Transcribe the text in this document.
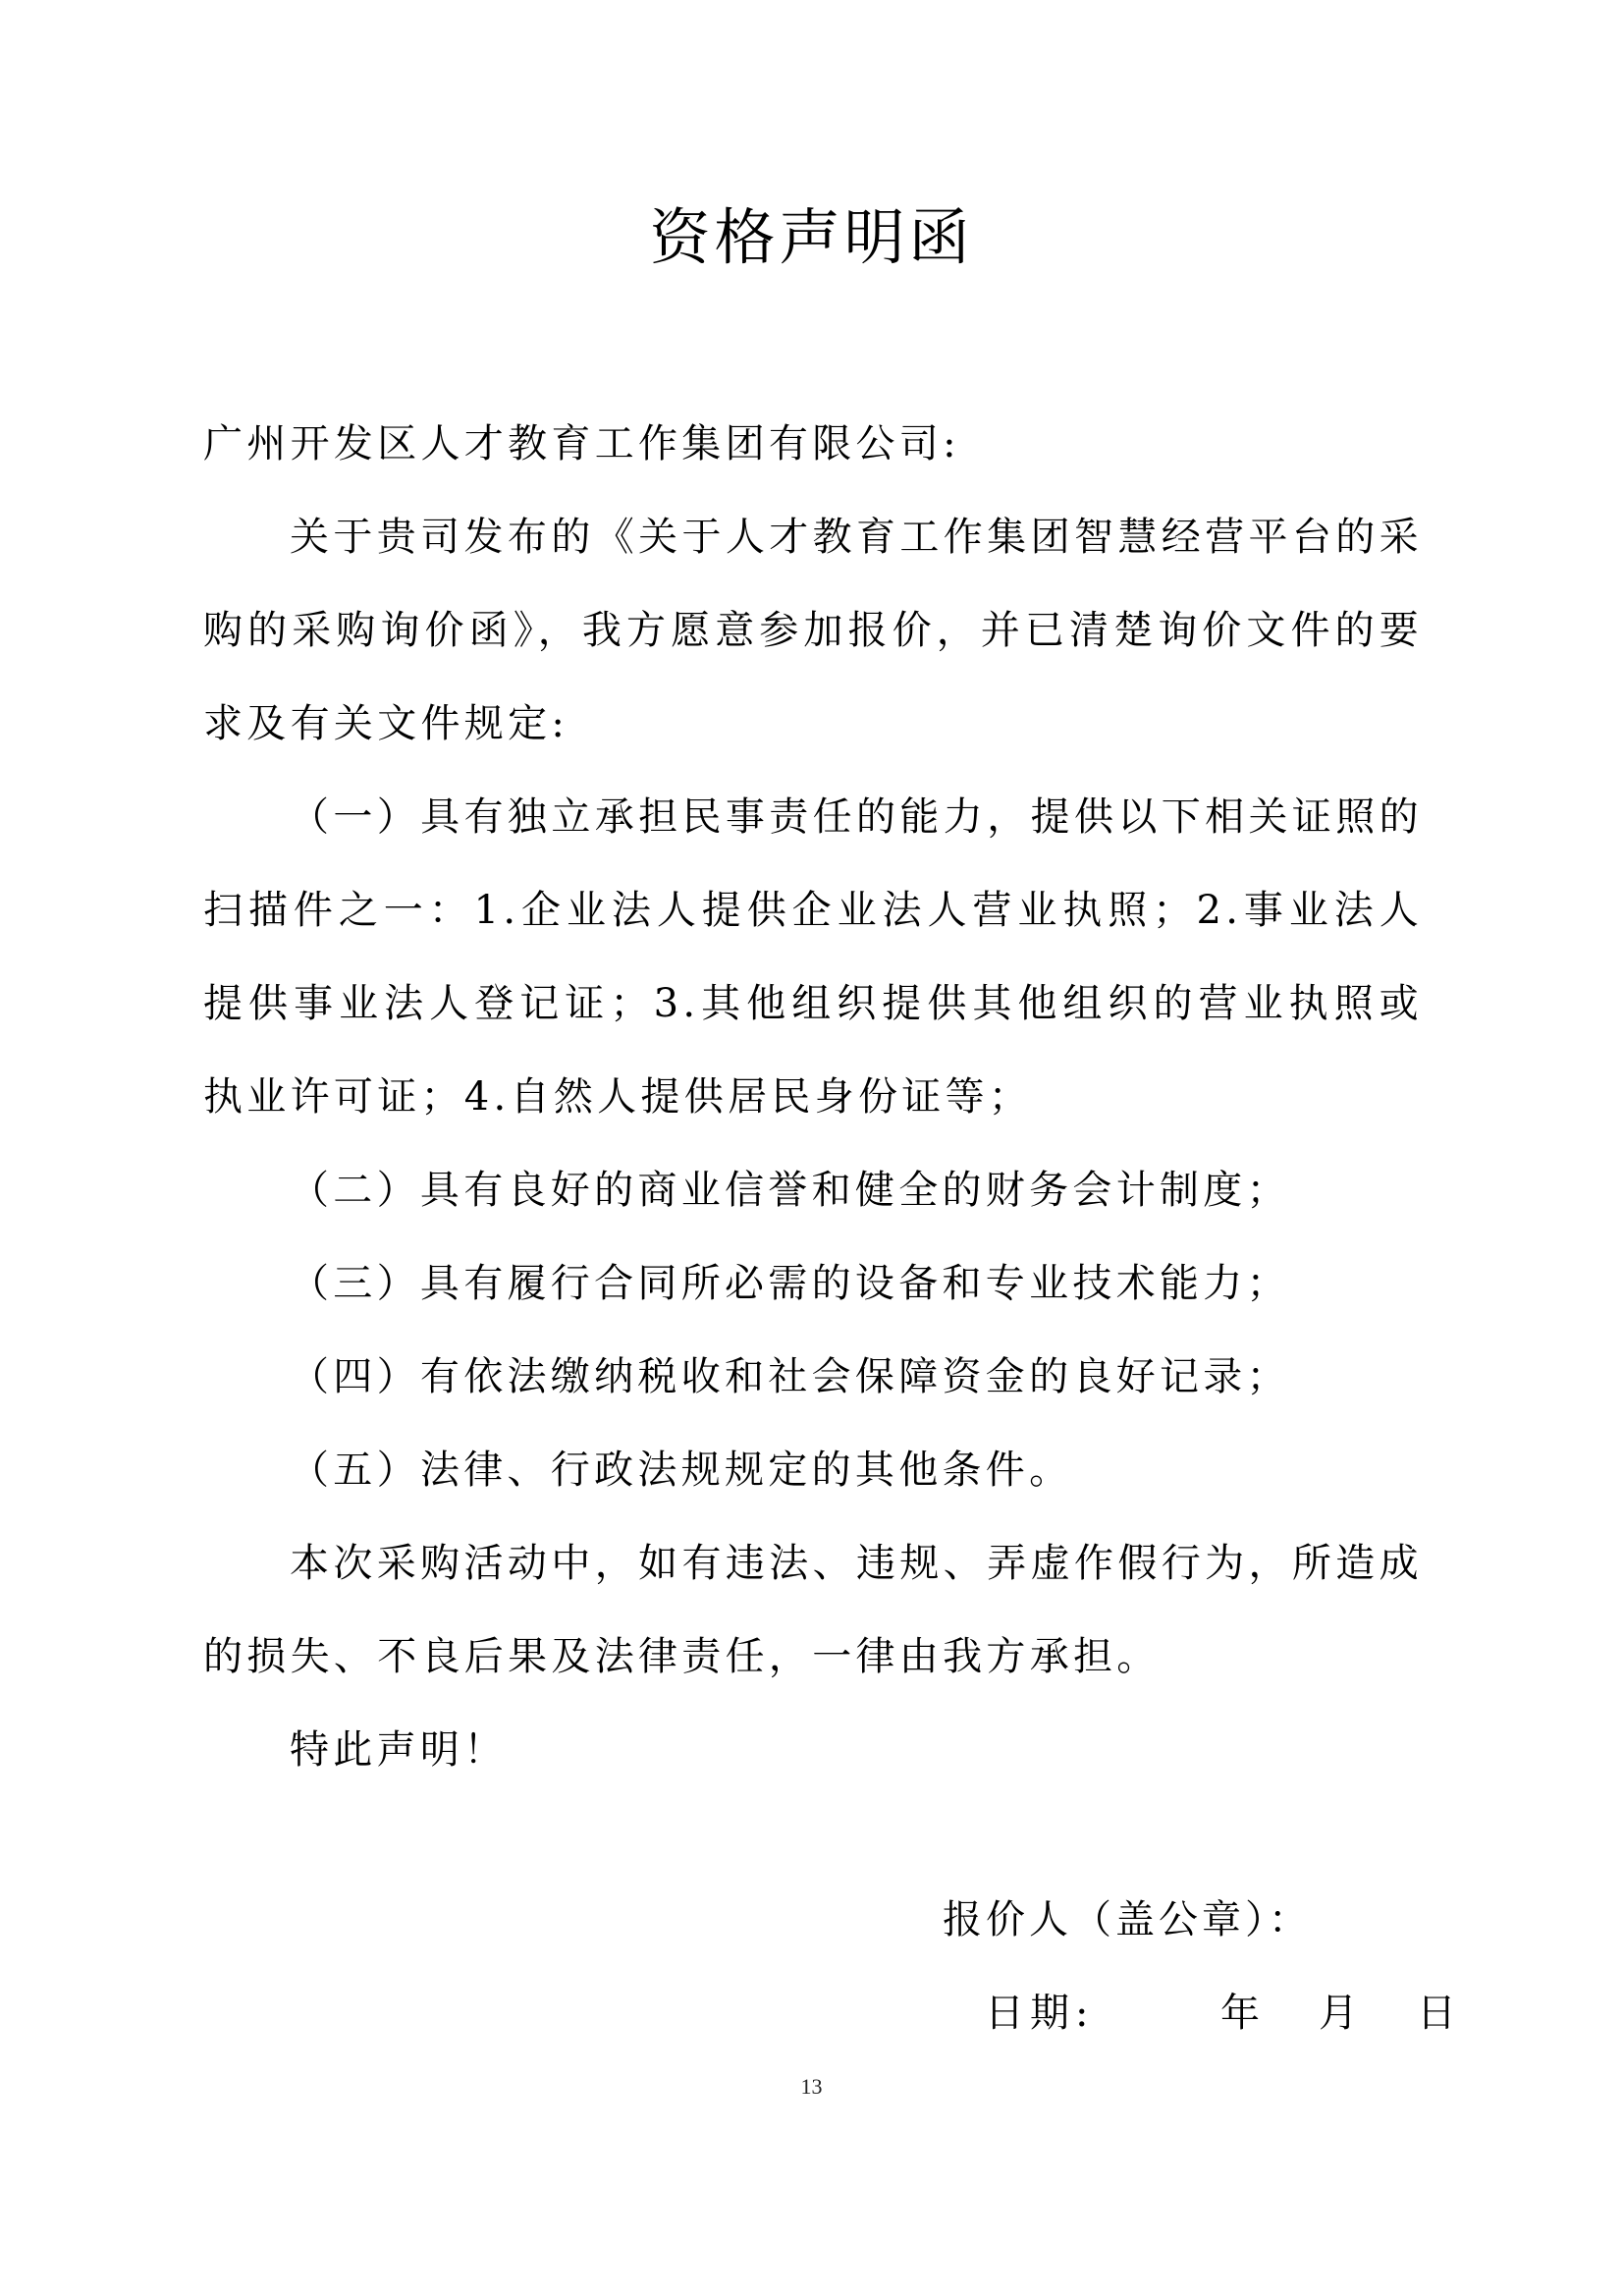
资格声明函

广州开发区人才教育工作集团有限公司:

关于贵司发布的《关于人才教育工作集团智慧经营平台的采购的采购询价函》，我方愿意参加报价，并已清楚询价文件的要求及有关文件规定:

（一）具有独立承担民事责任的能力，提供以下相关证照的扫描件之一：1.企业法人提供企业法人营业执照；2.事业法人提供事业法人登记证；3.其他组织提供其他组织的营业执照或执业许可证；4.自然人提供居民身份证等；

（二）具有良好的商业信誉和健全的财务会计制度；

（三）具有履行合同所必需的设备和专业技术能力；

（四）有依法缴纳税收和社会保障资金的良好记录；

（五）法律、行政法规规定的其他条件。

本次采购活动中，如有违法、违规、弄虚作假行为，所造成的损失、不良后果及法律责任，一律由我方承担。

特此声明！

报价人（盖公章）：
日期:	年	月	日
13
